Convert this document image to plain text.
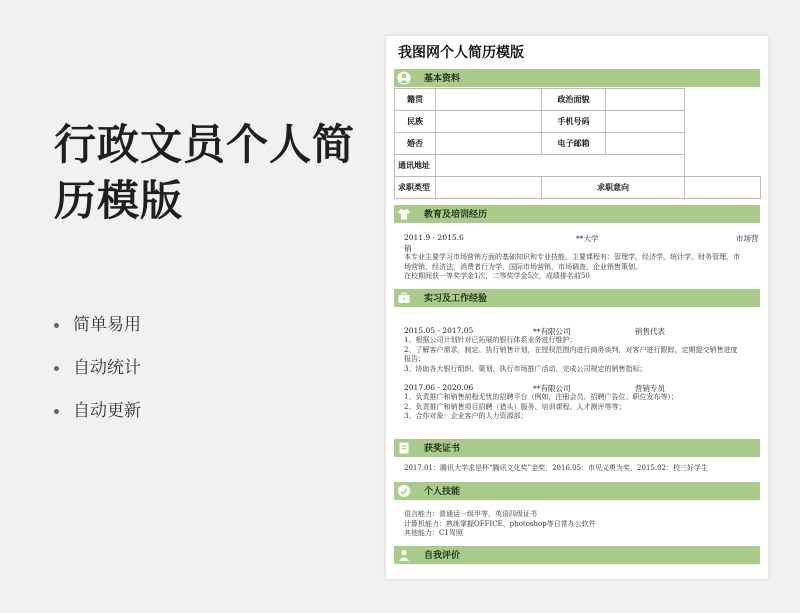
行政文员个人简
历模版
简单易用
自动统计
自动更新
我图网个人简历模版
基本资料
籍贯		政治面貌		
民族		手机号码		
婚否		电子邮箱		
通讯地址				
求职类型		求职意向		
教育及培训经历
2011.9 - 2015.6	**大学	市场营
销
本专业主要学习市场营销方面的基础知识和专业技能。主要课程有：管理学，经济学，统计学，财务管理，市
场营销，经济法，消费者行为学，国际市场营销，市场调查，企业销售策划。
在校期间获一等奖学金1次，二等奖学金5次，成绩排名前50
实习及工作经验
2015.05 - 2017.05	**有限公司	销售代表
1、根据公司计划针对已拓展的银行体系业务进行维护；
2、了解客户需求，制定、执行销售计划，在授权范围内进行商务谈判，对客户进行跟踪，定期提交销售进度
报告；
3、协助各大银行组织、策划、执行市场推广活动，完成公司规定的销售指标；
2017.06 - 2020.06	**有限公司	营销专员
1、负责推广和销售前程无忧的招聘平台（例如，注册会员、招聘广告位、职位发布等）；
2、负责推广和销售项目招聘（猎头）服务、培训课程、人才测评等等；
3、合作对象：企业客户的人力资源部；
获奖证书
2017.01：腾讯大学求是杯“腾讯文化奖”金奖，2016.05：市见义勇为奖，2015.02：校三好学生
个人技能
语言能力：普通话一级甲等，英语四级证书
计算机能力：熟练掌握OFFICE、photoshop等日常办公软件
其他能力：C1驾照
自我评价
